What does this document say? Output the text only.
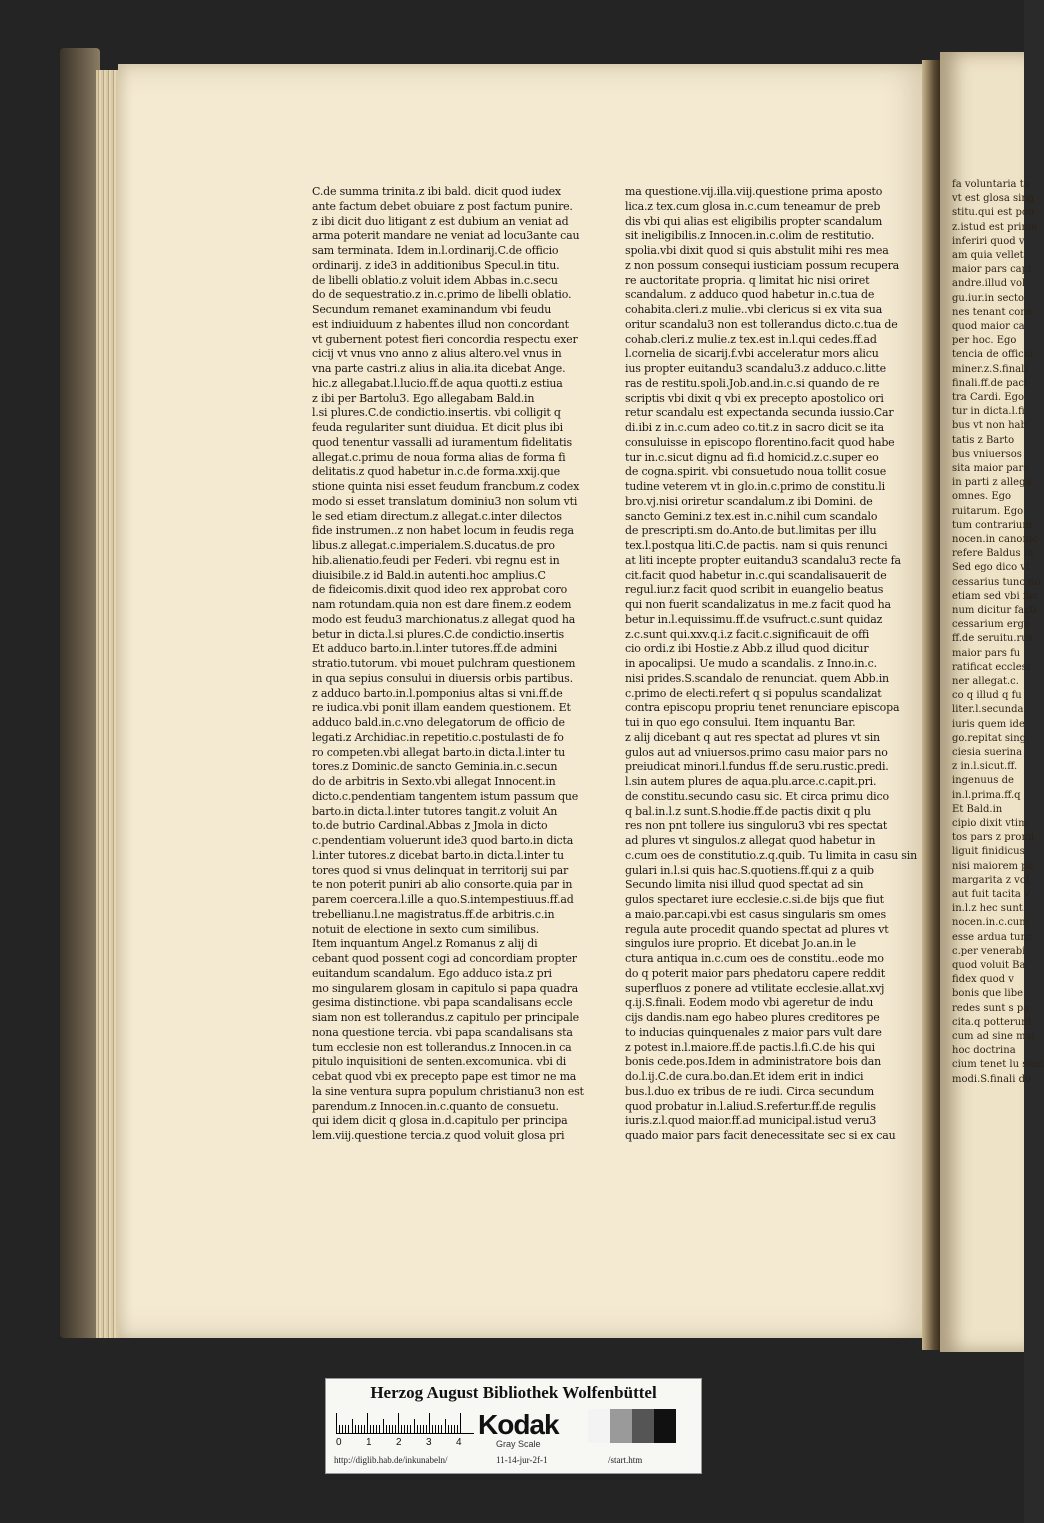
fa voluntaria tu
vt est glosa sing
stitu.qui est pon
z.istud est primu
inferiri quod v
am quia vellet
maior pars capi
andre.illud vol
gu.iur.in secto
nes tenant cons
quod maior ca
per hoc. Ego
tencia de officio
miner.z.S.finali
finali.ff.de pact
tra Cardi. Ego
tur in dicta.l.fi
bus vt non hab
tatis z Barto
bus vniuersos
sita maior pars
in parti z allega
omnes. Ego
ruitarum. Ego
tum contrarium
nocen.in canonic
refere Baldus in
Sed ego dico vt
cessarius tunc no
etiam sed vbi fac
num dicitur facti
cessarium ergo
ff.de seruitu.rus
maior pars fu
ratificat ecclesi
ner allegat.c.
co q illud q fu
liter.l.secunda
iuris quem ide
go.repitat sing
ciesia suerina
z in.l.sicut.ff.
ingenuus de
in.l.prima.ff.q
Et Bald.in
cipio dixit vtim
tos pars z promi
liguit finidicus
nisi maiorem pa
margarita z vol
aut fuit tacita v
in.l.z hec sunt.
nocen.in.c.cum
esse ardua tunc
c.per venerabi
quod voluit Ba
fidex quod v
bonis que libe
redes sunt s pa
cita.q potterunt
cum ad sine maj
hoc doctrina
cium tenet lu sunt
modi.S.finali do
C.de summa trinita.z ibi bald. dicit quod iudex
ante factum debet obuiare z post factum punire.
z ibi dicit duo litigant z est dubium an veniat ad
arma poterit mandare ne veniat ad locu3ante cau
sam terminata. Idem in.l.ordinarij.C.de officio
ordinarij. z ide3 in additionibus Specul.in titu.
de libelli oblatio.z voluit idem Abbas in.c.secu
do de sequestratio.z in.c.primo de libelli oblatio.
Secundum remanet examinandum vbi feudu
est indiuiduum z habentes illud non concordant
vt gubernent potest fieri concordia respectu exer
cicij vt vnus vno anno z alius altero.vel vnus in
vna parte castri.z alius in alia.ita dicebat Ange.
hic.z allegabat.l.lucio.ff.de aqua quotti.z estiua
z ibi per Bartolu3. Ego allegabam Bald.in
l.si plures.C.de condictio.insertis. vbi colligit q
feuda regulariter sunt diuidua. Et dicit plus ibi
quod tenentur vassalli ad iuramentum fidelitatis
allegat.c.primu de noua forma alias de forma fi
delitatis.z quod habetur in.c.de forma.xxij.que
stione quinta nisi esset feudum francbum.z codex
modo si esset translatum dominiu3 non solum vti
le sed etiam directum.z allegat.c.inter dilectos
fide instrumen..z non habet locum in feudis rega
libus.z allegat.c.imperialem.S.ducatus.de pro
hib.alienatio.feudi per Federi. vbi regnu est in
diuisibile.z id Bald.in autenti.hoc amplius.C
de fideicomis.dixit quod ideo rex approbat coro
nam rotundam.quia non est dare finem.z eodem
modo est feudu3 marchionatus.z allegat quod ha
betur in dicta.l.si plures.C.de condictio.insertis
Et adduco barto.in.l.inter tutores.ff.de admini
stratio.tutorum. vbi mouet pulchram questionem
in qua sepius consului in diuersis orbis partibus.
z adduco barto.in.l.pomponius altas si vni.ff.de
re iudica.vbi ponit illam eandem questionem. Et
adduco bald.in.c.vno delegatorum de officio de
legati.z Archidiac.in repetitio.c.postulasti de fo
ro competen.vbi allegat barto.in dicta.l.inter tu
tores.z Dominic.de sancto Geminia.in.c.secun
do de arbitris in Sexto.vbi allegat Innocent.in
dicto.c.pendentiam tangentem istum passum que
barto.in dicta.l.inter tutores tangit.z voluit An
to.de butrio Cardinal.Abbas z Jmola in dicto
c.pendentiam voluerunt ide3 quod barto.in dicta
l.inter tutores.z dicebat barto.in dicta.l.inter tu
tores quod si vnus delinquat in territorij sui par
te non poterit puniri ab alio consorte.quia par in
parem coercera.l.ille a quo.S.intempestiuus.ff.ad
trebellianu.l.ne magistratus.ff.de arbitris.c.in
notuit de electione in sexto cum similibus.
Item inquantum Angel.z Romanus z alij di
cebant quod possent cogi ad concordiam propter
euitandum scandalum. Ego adduco ista.z pri
mo singularem glosam in capitulo si papa quadra
gesima distinctione. vbi papa scandalisans eccle
siam non est tollerandus.z capitulo per principale
nona questione tercia. vbi papa scandalisans sta
tum ecclesie non est tollerandus.z Innocen.in ca
pitulo inquisitioni de senten.excomunica. vbi di
cebat quod vbi ex precepto pape est timor ne ma
la sine ventura supra populum christianu3 non est
parendum.z Innocen.in.c.quanto de consuetu.
qui idem dicit q glosa in.d.capitulo per principa
lem.viij.questione tercia.z quod voluit glosa pri
ma questione.vij.illa.viij.questione prima aposto
lica.z tex.cum glosa in.c.cum teneamur de preb
dis vbi qui alias est eligibilis propter scandalum
sit ineligibilis.z Innocen.in.c.olim de restitutio.
spolia.vbi dixit quod si quis abstulit mihi res mea
z non possum consequi iusticiam possum recupera
re auctoritate propria. q limitat hic nisi oriret
scandalum. z adduco quod habetur in.c.tua de
cohabita.cleri.z mulie..vbi clericus si ex vita sua
oritur scandalu3 non est tollerandus dicto.c.tua de
cohab.cleri.z mulie.z tex.est in.l.qui cedes.ff.ad
l.cornelia de sicarij.f.vbi acceleratur mors alicu
ius propter euitandu3 scandalu3.z adduco.c.litte
ras de restitu.spoli.Job.and.in.c.si quando de re
scriptis vbi dixit q vbi ex precepto apostolico ori
retur scandalu est expectanda secunda iussio.Car
di.ibi z in.c.cum adeo co.tit.z in sacro dicit se ita
consuluisse in episcopo florentino.facit quod habe
tur in.c.sicut dignu ad fi.d homicid.z.c.super eo
de cogna.spirit. vbi consuetudo noua tollit cosue
tudine veterem vt in glo.in.c.primo de constitu.li
bro.vj.nisi oriretur scandalum.z ibi Domini. de
sancto Gemini.z tex.est in.c.nihil cum scandalo
de prescripti.sm do.Anto.de but.limitas per illu
tex.l.postqua liti.C.de pactis. nam si quis renunci
at liti incepte propter euitandu3 scandalu3 recte fa
cit.facit quod habetur in.c.qui scandalisauerit de
regul.iur.z facit quod scribit in euangelio beatus
qui non fuerit scandalizatus in me.z facit quod ha
betur in.l.equissimu.ff.de vsufruct.c.sunt quidaz
z.c.sunt qui.xxv.q.i.z facit.c.significauit de offi
cio ordi.z ibi Hostie.z Abb.z illud quod dicitur
in apocalipsi. Ue mudo a scandalis. z Inno.in.c.
nisi prides.S.scandalo de renunciat. quem Abb.in
c.primo de electi.refert q si populus scandalizat
contra episcopu propriu tenet renunciare episcopa
tui in quo ego consului. Item inquantu Bar.
z alij dicebant q aut res spectat ad plures vt sin
gulos aut ad vniuersos.primo casu maior pars no
preiudicat minori.l.fundus ff.de seru.rustic.predi.
l.sin autem plures de aqua.plu.arce.c.capit.pri.
de constitu.secundo casu sic. Et circa primu dico
q bal.in.l.z sunt.S.hodie.ff.de pactis dixit q plu
res non pnt tollere ius singuloru3 vbi res spectat
ad plures vt singulos.z allegat quod habetur in
c.cum oes de constitutio.z.q.quib. Tu limita in casu sin
gulari in.l.si quis hac.S.quotiens.ff.qui z a quib
Secundo limita nisi illud quod spectat ad sin
gulos spectaret iure ecclesie.c.si.de bijs que fiut
a maio.par.capi.vbi est casus singularis sm omes
regula aute procedit quando spectat ad plures vt
singulos iure proprio. Et dicebat Jo.an.in le
ctura antiqua in.c.cum oes de constitu..eode mo
do q poterit maior pars phedatoru capere reddit
superfluos z ponere ad vtilitate ecclesie.allat.xvj
q.ij.S.finali. Eodem modo vbi ageretur de indu
cijs dandis.nam ego habeo plures creditores pe
to inducias quinquenales z maior pars vult dare
z potest in.l.maiore.ff.de pactis.l.fi.C.de his qui
bonis cede.pos.Idem in administratore bois dan
do.l.ij.C.de cura.bo.dan.Et idem erit in indici
bus.l.duo ex tribus de re iudi. Circa secundum
quod probatur in.l.aliud.S.refertur.ff.de regulis
iuris.z.l.quod maior.ff.ad municipal.istud veru3
quado maior pars facit denecessitate sec si ex cau
Herzog August Bibliothek Wolfenbüttel
0 1 2 3 4
Kodak
Gray Scale
http://diglib.hab.de/inkunabeln/	11-14-jur-2f-1	/start.htm
